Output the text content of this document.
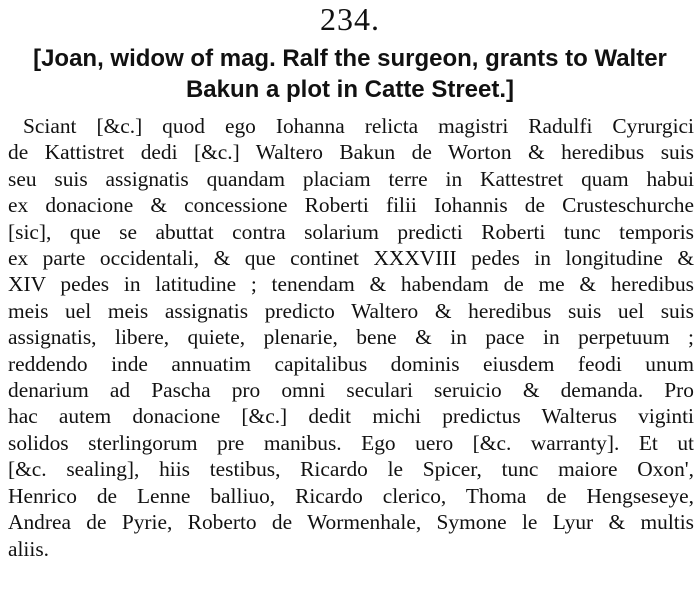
234.
[Joan, widow of mag. Ralf the surgeon, grants to Walter
Bakun a plot in Catte Street.]
Sciant [&c.] quod ego Iohanna relicta magistri Radulfi Cyrurgici
de Kattistret dedi [&c.] Waltero Bakun de Worton & heredibus suis
seu suis assignatis quandam placiam terre in Kattestret quam habui
ex donacione & concessione Roberti filii Iohannis de Crusteschurche
[sic], que se abuttat contra solarium predicti Roberti tunc temporis
ex parte occidentali, & que continet XXXVIII pedes in longitudine &
XIV pedes in latitudine ; tenendam & habendam de me & heredibus
meis uel meis assignatis predicto Waltero & heredibus suis uel suis
assignatis, libere, quiete, plenarie, bene & in pace in perpetuum ;
reddendo inde annuatim capitalibus dominis eiusdem feodi unum
denarium ad Pascha pro omni seculari seruicio & demanda. Pro
hac autem donacione [&c.] dedit michi predictus Walterus viginti
solidos sterlingorum pre manibus. Ego uero [&c. warranty]. Et ut
[&c. sealing], hiis testibus, Ricardo le Spicer, tunc maiore Oxon',
Henrico de Lenne balliuo, Ricardo clerico, Thoma de Hengseseye,
Andrea de Pyrie, Roberto de Wormenhale, Symone le Lyur & multis
aliis.
